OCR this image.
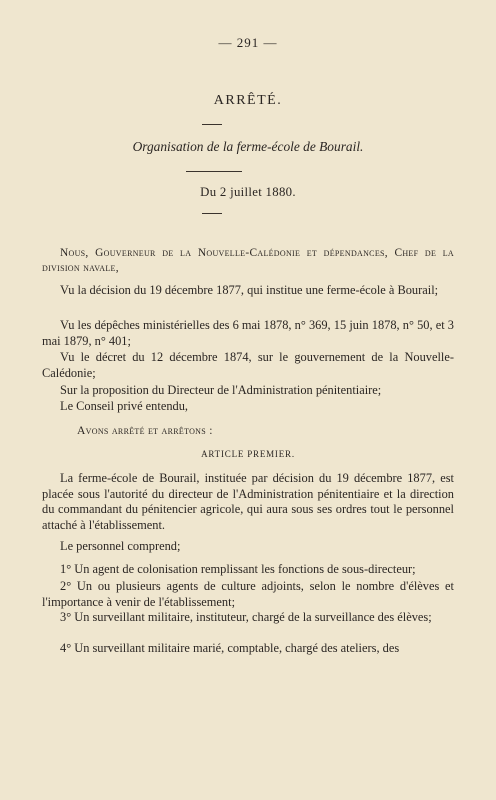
— 291 —
ARRÊTÉ.
Organisation de la ferme-école de Bourail.
Du 2 juillet 1880.
Nous, Gouverneur de la Nouvelle-Calédonie et dépendances, Chef de la division navale,
Vu la décision du 19 décembre 1877, qui institue une ferme-école à Bourail;
Vu les dépêches ministérielles des 6 mai 1878, n° 369, 15 juin 1878, n° 50, et 3 mai 1879, n° 401;
Vu le décret du 12 décembre 1874, sur le gouvernement de la Nouvelle-Calédonie;
Sur la proposition du Directeur de l'Administration pénitentiaire;
Le Conseil privé entendu,
Avons arrêté et arrêtons :
ARTICLE PREMIER.
La ferme-école de Bourail, instituée par décision du 19 décembre 1877, est placée sous l'autorité du directeur de l'Administration pénitentiaire et la direction du commandant du pénitencier agricole, qui aura sous ses ordres tout le personnel attaché à l'établissement.
Le personnel comprend;
1° Un agent de colonisation remplissant les fonctions de sous-directeur;
2° Un ou plusieurs agents de culture adjoints, selon le nombre d'élèves et l'importance à venir de l'établissement;
3° Un surveillant militaire, instituteur, chargé de la surveillance des élèves;
4° Un surveillant militaire marié, comptable, chargé des ateliers, des
